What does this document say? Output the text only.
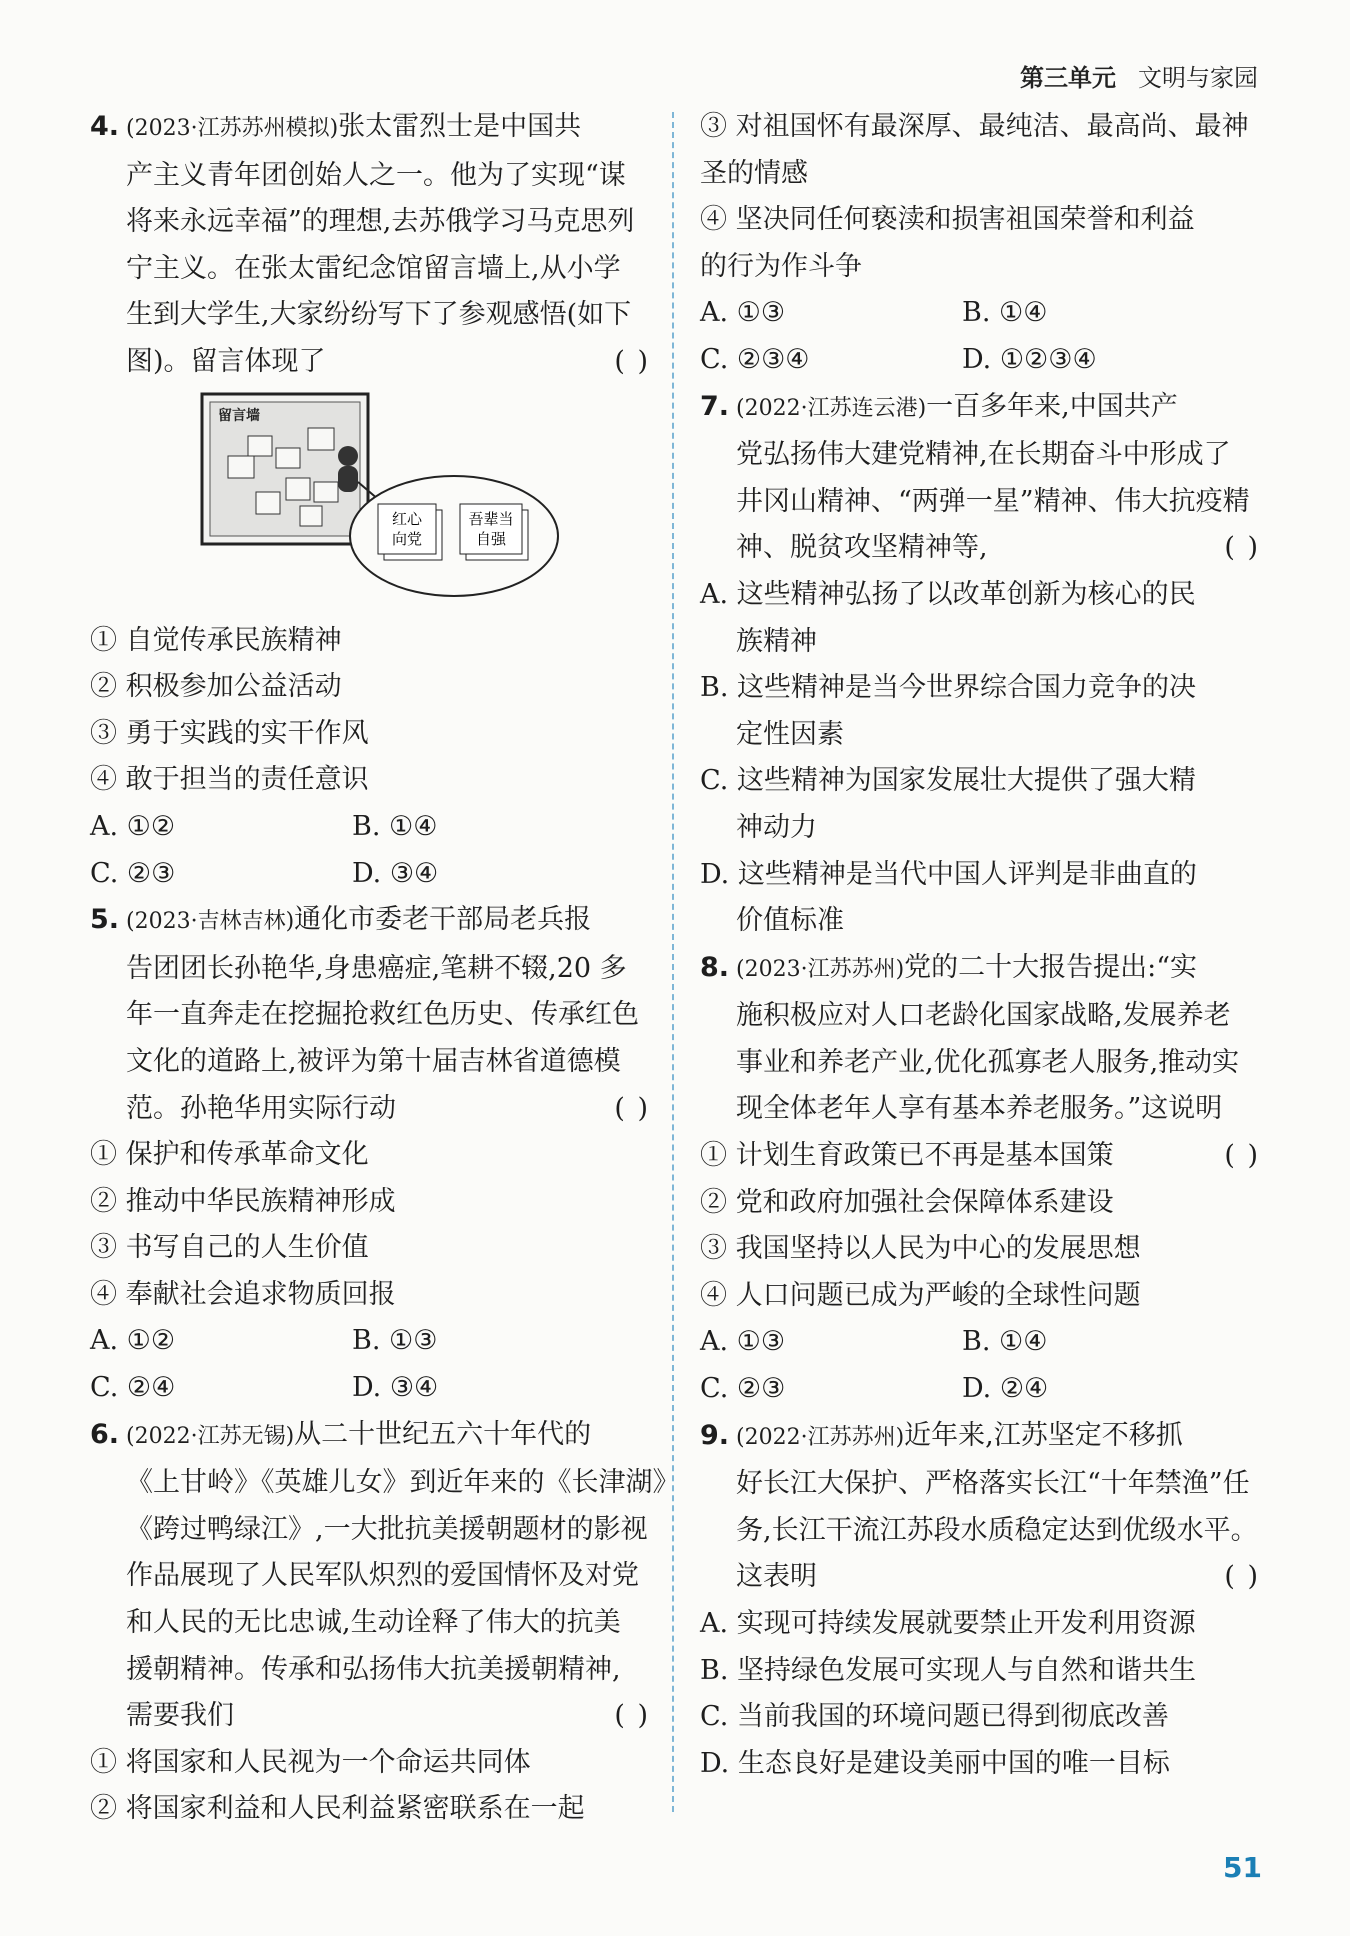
第三单元 文明与家园
4. (2023·江苏苏州模拟)张太雷烈士是中国共
产主义青年团创始人之一。他为了实现“谋
将来永远幸福”的理想,去苏俄学习马克思列
宁主义。在张太雷纪念馆留言墙上,从小学
生到大学生,大家纷纷写下了参观感悟(如下
图)。留言体现了	( )
留言墙
红心
向党
吾辈当
自强
① 自觉传承民族精神
② 积极参加公益活动
③ 勇于实践的实干作风
④ 敢于担当的责任意识
A. ①②	B. ①④
C. ②③	D. ③④
5. (2023·吉林吉林)通化市委老干部局老兵报
告团团长孙艳华,身患癌症,笔耕不辍,20 多
年一直奔走在挖掘抢救红色历史、传承红色
文化的道路上,被评为第十届吉林省道德模
范。孙艳华用实际行动	( )
① 保护和传承革命文化
② 推动中华民族精神形成
③ 书写自己的人生价值
④ 奉献社会追求物质回报
A. ①②	B. ①③
C. ②④	D. ③④
6. (2022·江苏无锡)从二十世纪五六十年代的
《上甘岭》《英雄儿女》到近年来的《长津湖》
《跨过鸭绿江》,一大批抗美援朝题材的影视
作品展现了人民军队炽烈的爱国情怀及对党
和人民的无比忠诚,生动诠释了伟大的抗美
援朝精神。传承和弘扬伟大抗美援朝精神,
需要我们	( )
① 将国家和人民视为一个命运共同体
② 将国家利益和人民利益紧密联系在一起
③ 对祖国怀有最深厚、最纯洁、最高尚、最神
圣的情感
④ 坚决同任何亵渎和损害祖国荣誉和利益
的行为作斗争
A. ①③	B. ①④
C. ②③④	D. ①②③④
7. (2022·江苏连云港)一百多年来,中国共产
党弘扬伟大建党精神,在长期奋斗中形成了
井冈山精神、“两弹一星”精神、伟大抗疫精
神、脱贫攻坚精神等,	( )
A. 这些精神弘扬了以改革创新为核心的民
族精神
B. 这些精神是当今世界综合国力竞争的决
定性因素
C. 这些精神为国家发展壮大提供了强大精
神动力
D. 这些精神是当代中国人评判是非曲直的
价值标准
8. (2023·江苏苏州)党的二十大报告提出:“实
施积极应对人口老龄化国家战略,发展养老
事业和养老产业,优化孤寡老人服务,推动实
现全体老年人享有基本养老服务。”这说明
( )
① 计划生育政策已不再是基本国策
② 党和政府加强社会保障体系建设
③ 我国坚持以人民为中心的发展思想
④ 人口问题已成为严峻的全球性问题
A. ①③	B. ①④
C. ②③	D. ②④
9. (2022·江苏苏州)近年来,江苏坚定不移抓
好长江大保护、严格落实长江“十年禁渔”任
务,长江干流江苏段水质稳定达到优级水平。
这表明	( )
A. 实现可持续发展就要禁止开发利用资源
B. 坚持绿色发展可实现人与自然和谐共生
C. 当前我国的环境问题已得到彻底改善
D. 生态良好是建设美丽中国的唯一目标
51
